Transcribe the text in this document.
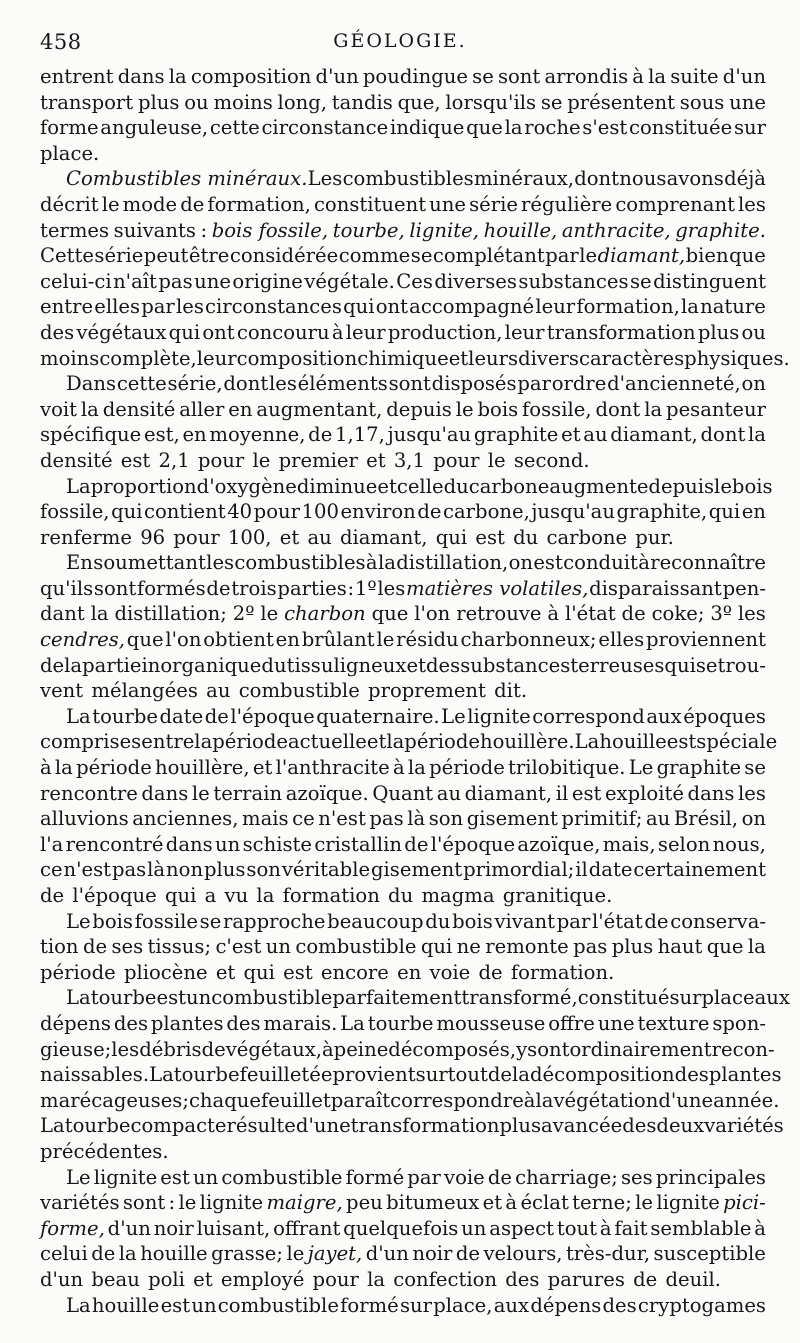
458	GÉOLOGIE.
entrent dans la composition d'un poudingue se sont arrondis à la suite d'un
transport plus ou moins long, tandis que, lorsqu'ils se présentent sous une
forme anguleuse, cette circonstance indique que la roche s'est constituée sur
place.
Combustibles minéraux. Les combustibles minéraux, dont nous avons déjà
décrit le mode de formation, constituent une série régulière comprenant les
termes suivants : bois fossile, tourbe, lignite, houille, anthracite, graphite.
Cette série peut être considérée comme se complétant par le diamant, bien que
celui-ci n'aît pas une origine végétale. Ces diverses substances se distinguent
entre elles par les circonstances qui ont accompagné leur formation, la nature
des végétaux qui ont concouru à leur production, leur transformation plus ou
moins complète, leur composition chimique et leurs divers caractères physiques.
Dans cette série, dont les éléments sont disposés par ordre d'ancienneté, on
voit la densité aller en augmentant, depuis le bois fossile, dont la pesanteur
spécifique est, en moyenne, de 1,17, jusqu'au graphite et au diamant, dont la
densité est 2,1 pour le premier et 3,1 pour le second.
La proportion d'oxygène diminue et celle du carbone augmente depuis le bois
fossile, qui contient 40 pour 100 environ de carbone, jusqu'au graphite, qui en
renferme 96 pour 100, et au diamant, qui est du carbone pur.
En soumettant les combustibles à la distillation, on est conduit à reconnaître
qu'ils sont formés de trois parties : 1º les matières volatiles, disparaissant pen-
dant la distillation; 2º le charbon que l'on retrouve à l'état de coke; 3º les
cendres, que l'on obtient en brûlant le résidu charbonneux; elles proviennent
de la partie inorganique du tissu ligneux et des substances terreuses qui se trou-
vent mélangées au combustible proprement dit.
La tourbe date de l'époque quaternaire. Le lignite correspond aux époques
comprises entre la période actuelle et la période houillère. La houille est spéciale
à la période houillère, et l'anthracite à la période trilobitique. Le graphite se
rencontre dans le terrain azoïque. Quant au diamant, il est exploité dans les
alluvions anciennes, mais ce n'est pas là son gisement primitif; au Brésil, on
l'a rencontré dans un schiste cristallin de l'époque azoïque, mais, selon nous,
ce n'est pas là non plus son véritable gisement primordial; il date certainement
de l'époque qui a vu la formation du magma granitique.
Le bois fossile se rapproche beaucoup du bois vivant par l'état de conserva-
tion de ses tissus; c'est un combustible qui ne remonte pas plus haut que la
période pliocène et qui est encore en voie de formation.
La tourbe est un combustible parfaitement transformé, constitué sur place aux
dépens des plantes des marais. La tourbe mousseuse offre une texture spon-
gieuse; les débris de végétaux, à peine décomposés, y sont ordinairement recon-
naissables. La tourbe feuilletée provient surtout de la décomposition des plantes
marécageuses; chaque feuillet paraît correspondre à la végétation d'une année.
La tourbe compacte résulte d'une transformation plus avancée des deux variétés
précédentes.
Le lignite est un combustible formé par voie de charriage; ses principales
variétés sont : le lignite maigre, peu bitumeux et à éclat terne; le lignite pici-
forme, d'un noir luisant, offrant quelquefois un aspect tout à fait semblable à
celui de la houille grasse; le jayet, d'un noir de velours, très-dur, susceptible
d'un beau poli et employé pour la confection des parures de deuil.
La houille est un combustible formé sur place, aux dépens des cryptogames
